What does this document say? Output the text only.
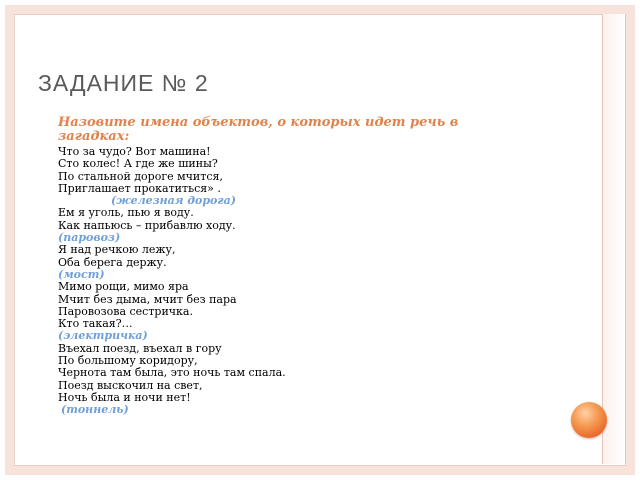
ЗАДАНИЕ № 2
Назовите имена объектов, о которых идет речь в загадках:
Что за чудо? Вот машина!
Сто колес! А где же шины?
По стальной дороге мчится,
Приглашает прокатиться» .
(железная дорога)
Ем я уголь, пью я воду.
Как напьюсь – прибавлю ходу.
(паровоз)
Я над речкою лежу,
Оба берега держу.
(мост)
Мимо рощи, мимо яра
Мчит без дыма, мчит без пара
Паровозова сестричка.
Кто такая?…
(электричка)
Въехал поезд, въехал в гору
По большому коридору,
Чернота там была, это ночь там спала.
Поезд выскочил на свет,
Ночь была и ночи нет!
(тоннель)
